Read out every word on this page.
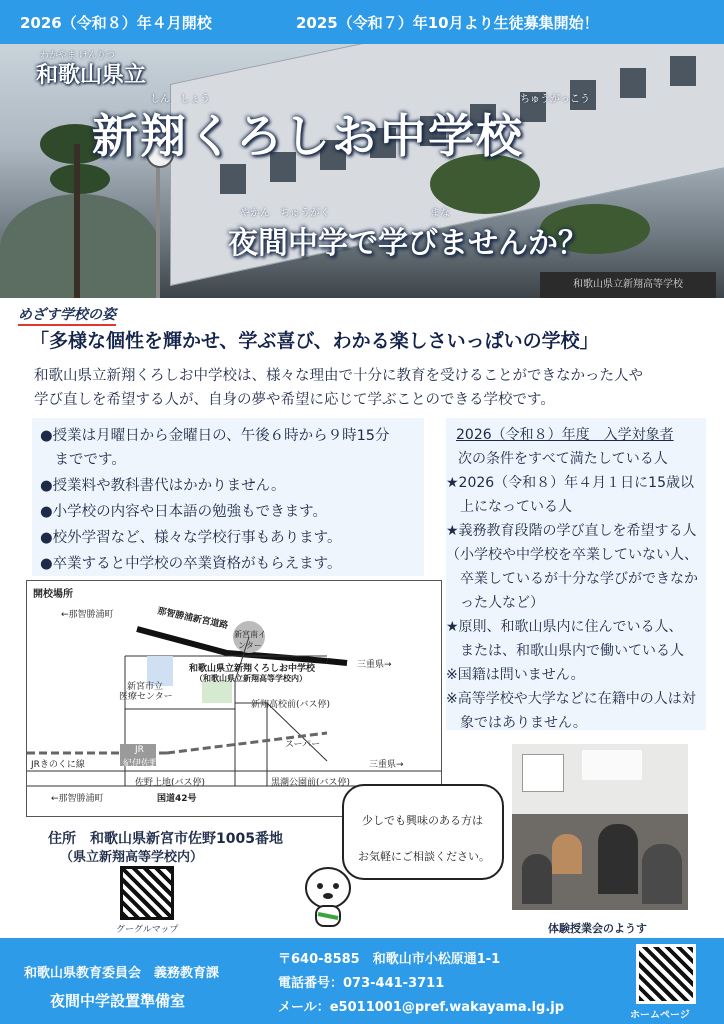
2026（令和８）年４月開校	2025（令和７）年10月より生徒募集開始！
和歌山県立新翔高等学校
わかやま けんりつ
和歌山県立
しん　しょう	ちゅうがっこう
新翔くろしお中学校
やかん　ちゅうがく	まな
夜間中学で学びませんか？
めざす学校の姿
「多様な個性を輝かせ、学ぶ喜び、わかる楽しさいっぱいの学校」
和歌山県立新翔くろしお中学校は、様々な理由で十分に教育を受けることができなかった人や
学び直しを希望する人が、自身の夢や希望に応じて学ぶことのできる学校です。
●授業は月曜日から金曜日の、午後６時から９時15分
　までです。
●授業料や教科書代はかかりません。
●小学校の内容や日本語の勉強もできます。
●校外学習など、様々な学校行事もあります。
●卒業すると中学校の卒業資格がもらえます。
2026（令和８）年度　入学対象者
次の条件をすべて満たしている人
★2026（令和８）年４月１日に15歳以
　上になっている人
★義務教育段階の学び直しを希望する人
（小学校や中学校を卒業していない人、
　卒業しているが十分な学びができなか
　った人など）
★原則、和歌山県内に住んでいる人、
　または、和歌山県内で働いている人
※国籍は問いません。
※高等学校や大学などに在籍中の人は対
　象ではありません。
開校場所
←那智勝浦町	那智勝浦新宮道路
新宮南インター
三重県→
新宮市立
医療センター
和歌山県立新翔くろしお中学校
（和歌山県立新翔高等学校内）
新翔高校前(バス停)
スーパー
JRきのくに線
JR
紀伊佐野駅
佐野上地(バス停)	黒潮公園前(バス停)
三重県→
←那智勝浦町	国道42号
住所　和歌山県新宮市佐野1005番地
（県立新翔高等学校内）
グーグルマップ
少しでも興味のある方は
お気軽にご相談ください。
体験授業会のようす
和歌山県教育委員会　義務教育課
夜間中学設置準備室
〒640-8585　和歌山市小松原通1-1
電話番号：073-441-3711
メール：e5011001@pref.wakayama.lg.jp
ホームページ
